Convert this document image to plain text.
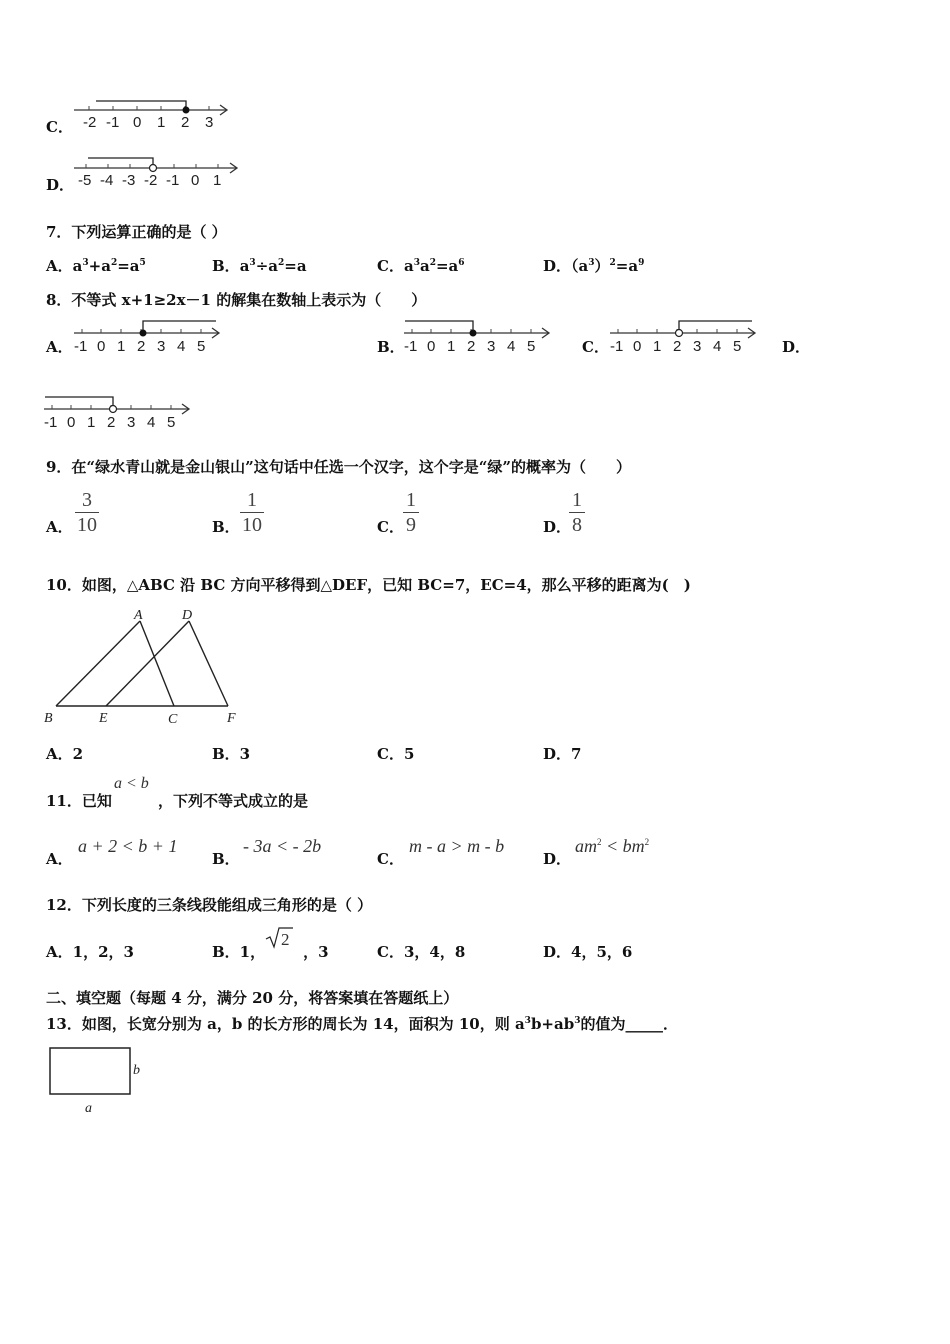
C． -2 -1 0 1 2 3
D． -5 -4 -3 -2 -1 0 1
7．下列运算正确的是（ ）
A．$a^3+a^2=a^5$	B．$a^3\div a^2=a$	C．$a^3a^2=a^6$	D．$(a^3)^2=a^9$
8．不等式 x+1≥2x－1 的解集在数轴上表示为（　　）
A． -1 0 1 2 3 4 5	B． -1 0 1 2 3 4 5	C． -1 0 1 2 3 4 5	D．
-1 0 1 2 3 4 5
9．在“绿水青山就是金山银山”这句话中任选一个汉字，这个字是“绿”的概率为（　　）
A．
3
10	B．
1
10	C．
1
9	D．
1
8
10．如图，△ABC 沿 BC 方向平移得到△DEF，已知 BC=7，EC=4，那么平移的距离为(　)
A	D
B	E	C	F
A．2	B．3	C．5	D．7
11．已知
a < b
，下列不等式成立的是
A．
a + 2 < b + 1
B．
- 3a < - 2b
C．
m - a > m - b
D．
$am^2 < bm^2$
12．下列长度的三条线段能组成三角形的是（ ）
A．1，2，3	B．1，	，3
2
C．3，4，8	D．4，5，6
二、填空题（每题 4 分，满分 20 分，将答案填在答题纸上）
13．如图，长宽分别为 a，b 的长方形的周长为 14，面积为 10，则 $a^3b+ab^3$的值为_____．
b
a
